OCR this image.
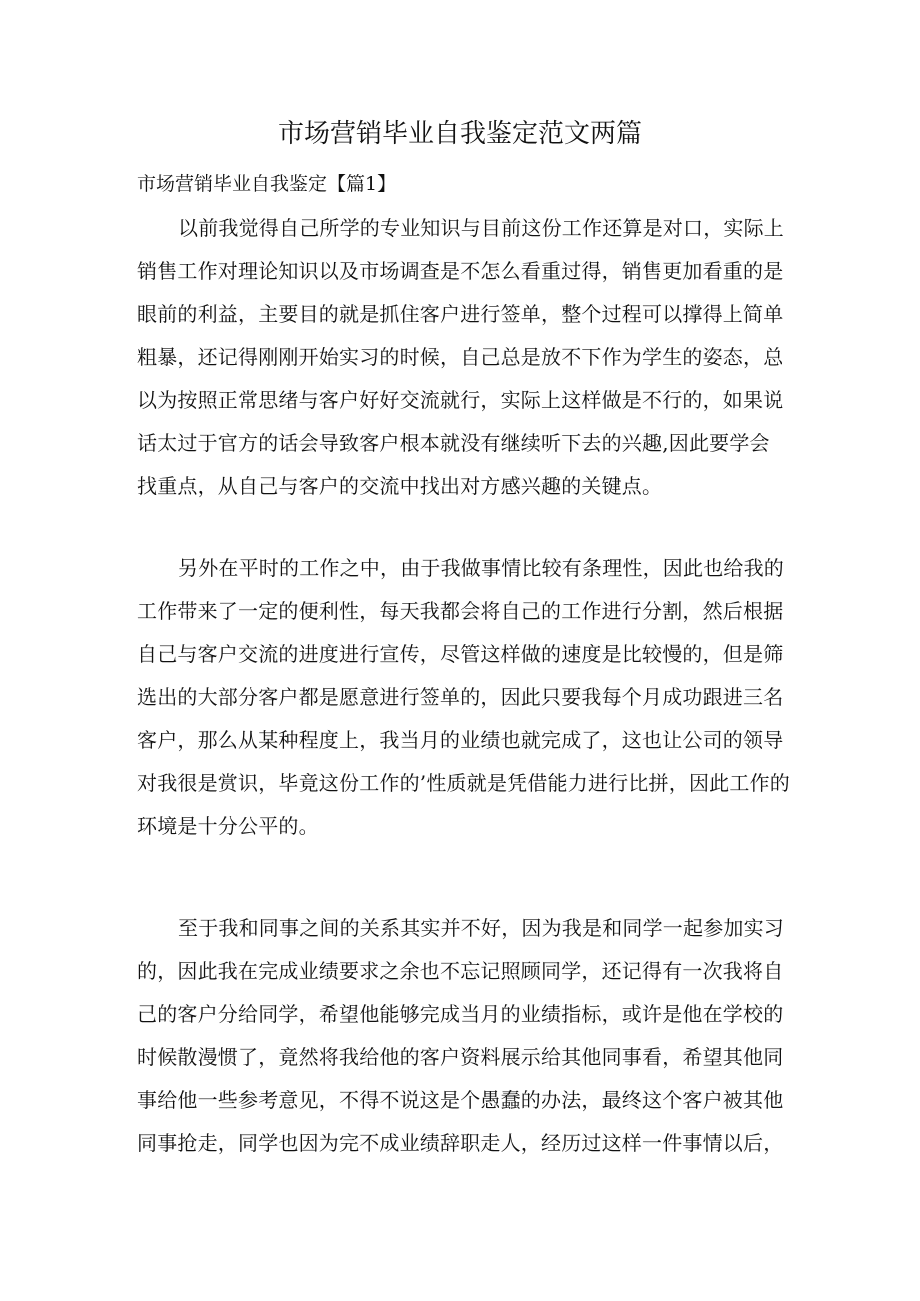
市场营销毕业自我鉴定范文两篇
市场营销毕业自我鉴定【篇1】
以前我觉得自己所学的专业知识与目前这份工作还算是对口，实际上
销售工作对理论知识以及市场调查是不怎么看重过得，销售更加看重的是
眼前的利益，主要目的就是抓住客户进行签单，整个过程可以撑得上简单
粗暴，还记得刚刚开始实习的时候，自己总是放不下作为学生的姿态，总
以为按照正常思绪与客户好好交流就行，实际上这样做是不行的，如果说
话太过于官方的话会导致客户根本就没有继续听下去的兴趣,因此要学会
找重点，从自己与客户的交流中找出对方感兴趣的关键点。
另外在平时的工作之中，由于我做事情比较有条理性，因此也给我的
工作带来了一定的便利性，每天我都会将自己的工作进行分割，然后根据
自己与客户交流的进度进行宣传，尽管这样做的速度是比较慢的，但是筛
选出的大部分客户都是愿意进行签单的，因此只要我每个月成功跟进三名
客户，那么从某种程度上，我当月的业绩也就完成了，这也让公司的领导
对我很是赏识，毕竟这份工作的’性质就是凭借能力进行比拼，因此工作的
环境是十分公平的。
至于我和同事之间的关系其实并不好，因为我是和同学一起参加实习
的，因此我在完成业绩要求之余也不忘记照顾同学，还记得有一次我将自
己的客户分给同学，希望他能够完成当月的业绩指标，或许是他在学校的
时候散漫惯了，竟然将我给他的客户资料展示给其他同事看，希望其他同
事给他一些参考意见，不得不说这是个愚蠢的办法，最终这个客户被其他
同事抢走，同学也因为完不成业绩辞职走人，经历过这样一件事情以后，
